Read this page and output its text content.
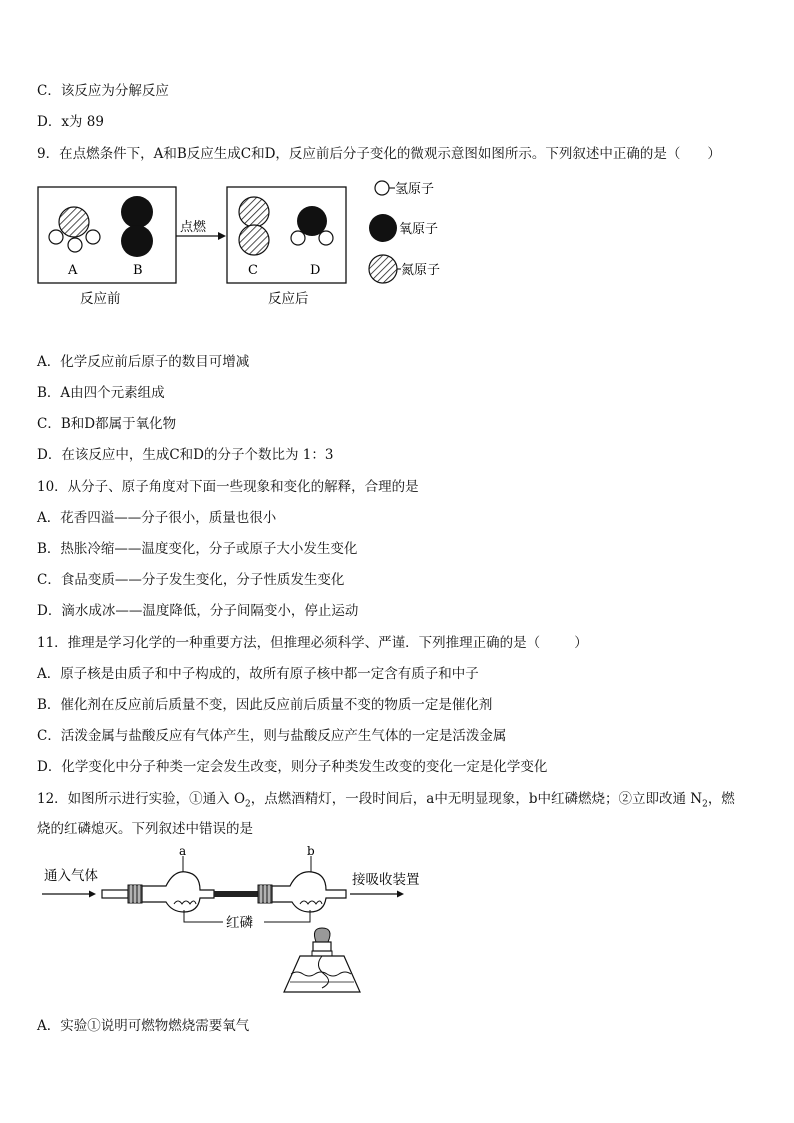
C．该反应为分解反应
D．x为 89
9．在点燃条件下，A和B反应生成C和D，反应前后分子变化的微观示意图如图所示。下列叙述中正确的是（　　）
A	B
点燃
C	D
反应前	反应后
氢原子
氧原子
氮原子
A．化学反应前后原子的数目可增减
B．A由四个元素组成
C．B和D都属于氧化物
D．在该反应中，生成C和D的分子个数比为 1：3
10．从分子、原子角度对下面一些现象和变化的解释，合理的是
A．花香四溢——分子很小，质量也很小
B．热胀冷缩——温度变化，分子或原子大小发生变化
C．食品变质——分子发生变化，分子性质发生变化
D．滴水成冰——温度降低，分子间隔变小，停止运动
11．推理是学习化学的一种重要方法，但推理必须科学、严谨．下列推理正确的是（	）
A．原子核是由质子和中子构成的，故所有原子核中都一定含有质子和中子
B．催化剂在反应前后质量不变，因此反应前后质量不变的物质一定是催化剂
C．活泼金属与盐酸反应有气体产生，则与盐酸反应产生气体的一定是活泼金属
D．化学变化中分子种类一定会发生改变，则分子种类发生改变的变化一定是化学变化
12．如图所示进行实验，①通入 $O_2$，点燃酒精灯，一段时间后，a中无明显现象，b中红磷燃烧；②立即改通 $N_2$，燃
烧的红磷熄灭。下列叙述中错误的是
通入气体
a	b
接吸收装置
红磷
A．实验①说明可燃物燃烧需要氧气
